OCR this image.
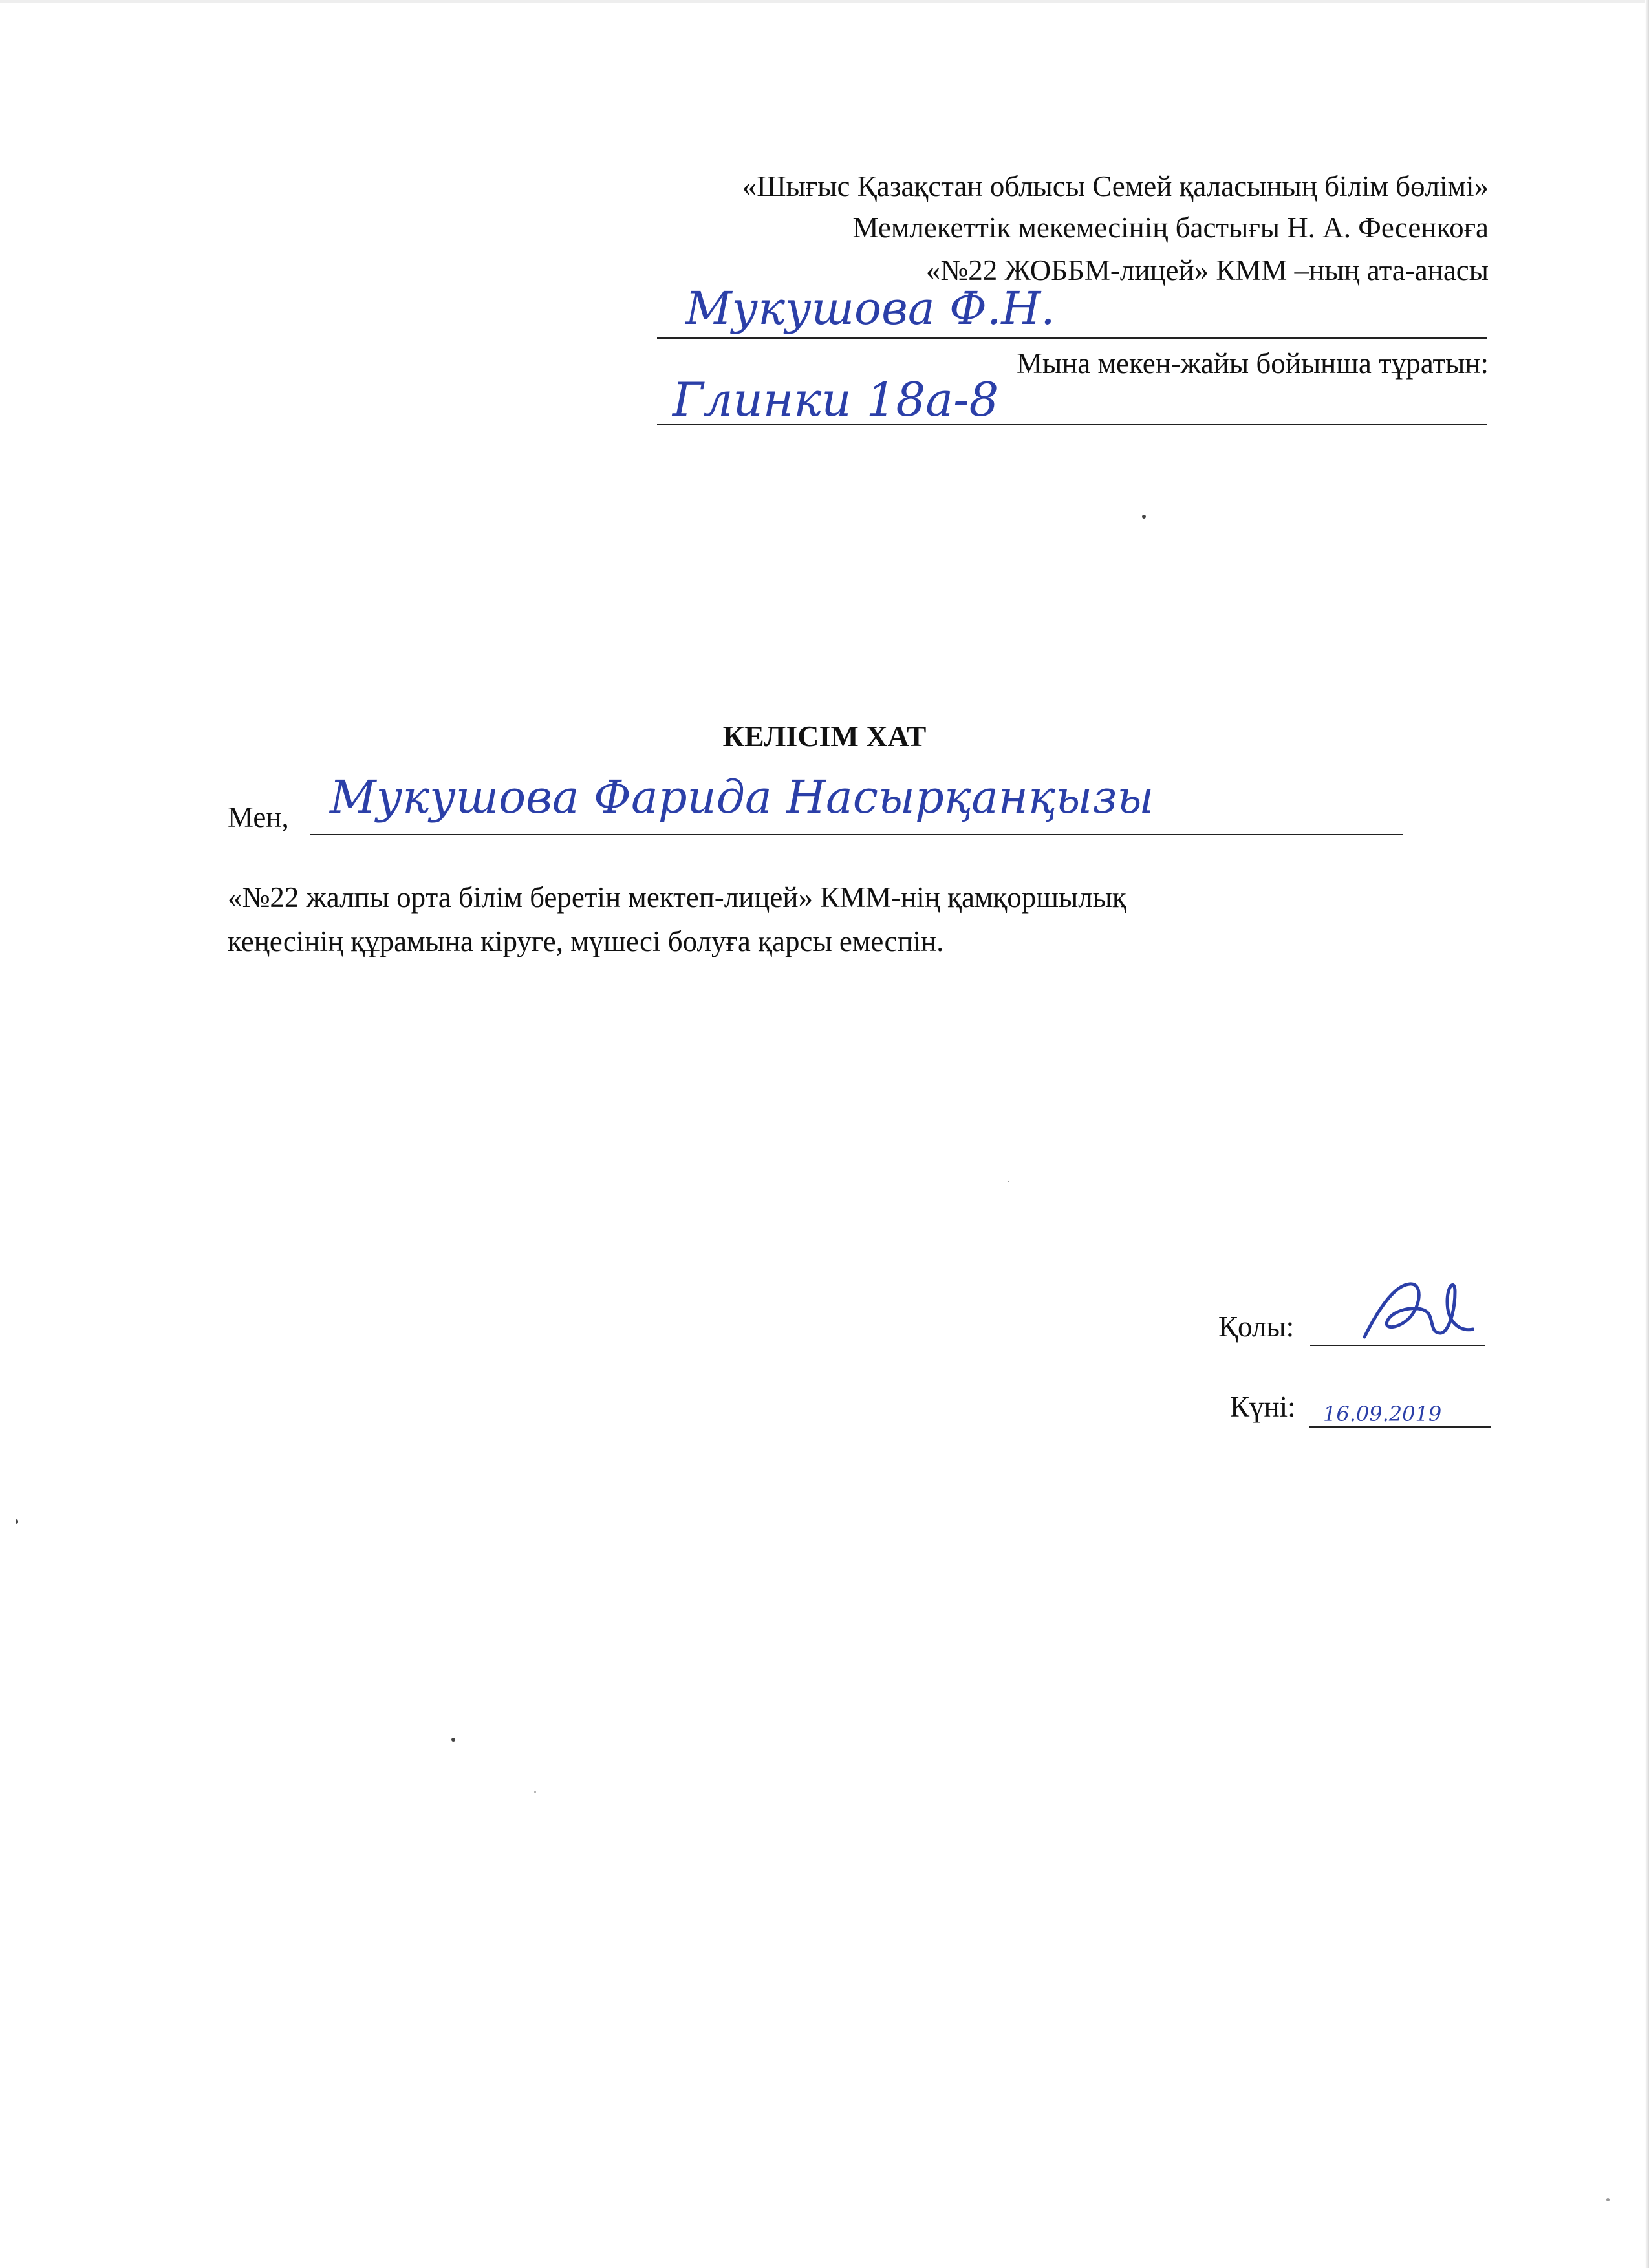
«Шығыс Қазақстан облысы Семей қаласының білім бөлімі»
Мемлекеттік мекемесінің бастығы Н. А. Фесенкоға
«№22 ЖОББМ-лицей» КММ –ның ата-анасы
Мукушова Ф.Н.
Мына мекен-жайы бойынша тұратын:
Глинки 18а-8
КЕЛІСІМ ХАТ
Мен, Мукушова Фарида Насырқанқызы
«№22 жалпы орта білім беретін мектеп-лицей» КММ-нің қамқоршылық
кеңесінің құрамына кіруге, мүшесі болуға қарсы емеспін.
Қолы:
Күні: 16.09.2019
